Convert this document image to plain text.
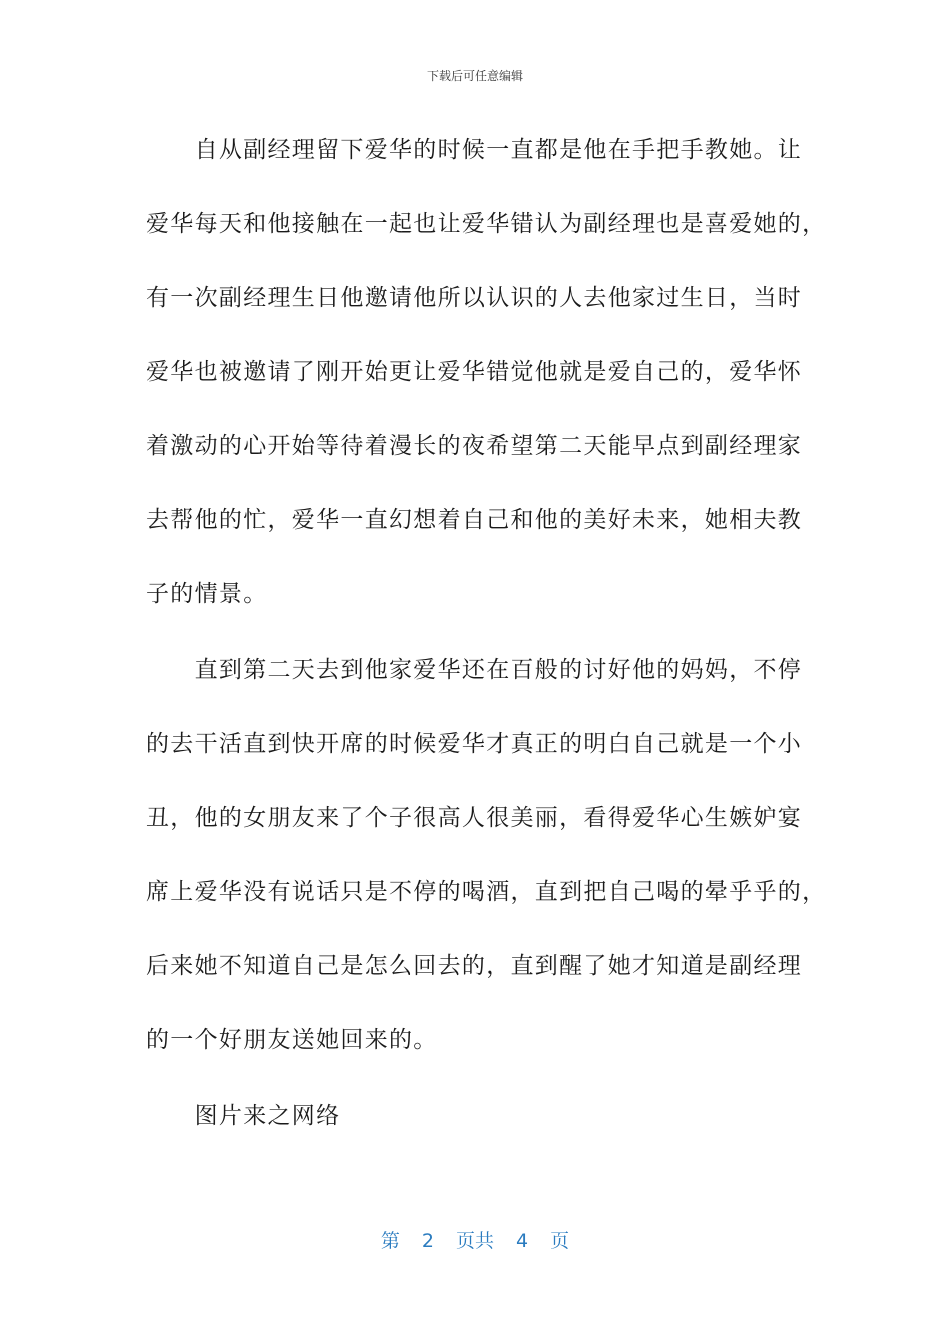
下载后可任意编辑
　　自从副经理留下爱华的时候一直都是他在手把手教她。让
爱华每天和他接触在一起也让爱华错认为副经理也是喜爱她的，
有一次副经理生日他邀请他所以认识的人去他家过生日，当时
爱华也被邀请了刚开始更让爱华错觉他就是爱自己的，爱华怀
着激动的心开始等待着漫长的夜希望第二天能早点到副经理家
去帮他的忙，爱华一直幻想着自己和他的美好未来，她相夫教
子的情景。
　　直到第二天去到他家爱华还在百般的讨好他的妈妈，不停
的去干活直到快开席的时候爱华才真正的明白自己就是一个小
丑，他的女朋友来了个子很高人很美丽，看得爱华心生嫉妒宴
席上爱华没有说话只是不停的喝酒，直到把自己喝的晕乎乎的，
后来她不知道自己是怎么回去的，直到醒了她才知道是副经理
的一个好朋友送她回来的。
　　图片来之网络
第 2 页共 4 页
